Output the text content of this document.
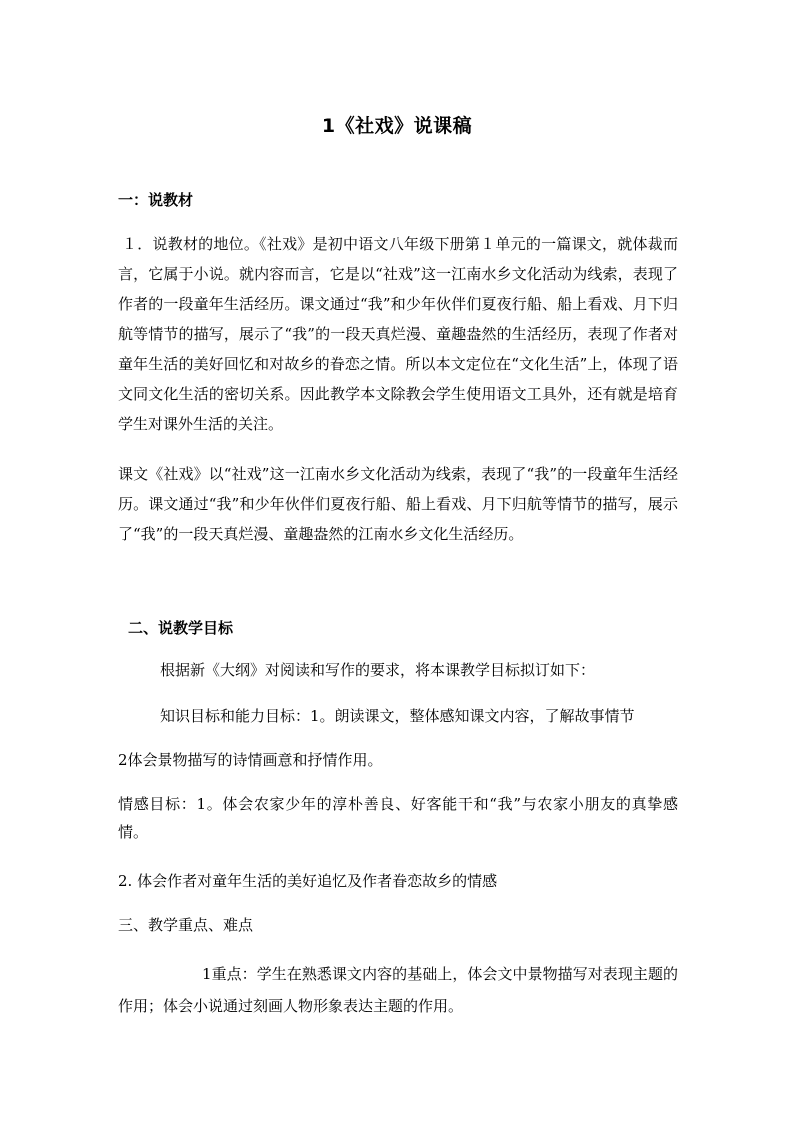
1《社戏》说课稿
一：说教材
１．说教材的地位。《社戏》是初中语文八年级下册第１单元的一篇课文，就体裁而言，它属于小说。就内容而言，它是以“社戏”这一江南水乡文化活动为线索，表现了作者的一段童年生活经历。课文通过“我”和少年伙伴们夏夜行船、船上看戏、月下归航等情节的描写，展示了“我”的一段天真烂漫、童趣盎然的生活经历，表现了作者对童年生活的美好回忆和对故乡的眷恋之情。所以本文定位在“文化生活”上，体现了语文同文化生活的密切关系。因此教学本文除教会学生使用语文工具外，还有就是培育学生对课外生活的关注。
课文《社戏》以“社戏”这一江南水乡文化活动为线索，表现了“我”的一段童年生活经历。课文通过“我”和少年伙伴们夏夜行船、船上看戏、月下归航等情节的描写，展示了“我”的一段天真烂漫、童趣盎然的江南水乡文化生活经历。
二、说教学目标
根据新《大纲》对阅读和写作的要求，将本课教学目标拟订如下：
知识目标和能力目标：1。朗读课文，整体感知课文内容，了解故事情节
2体会景物描写的诗情画意和抒情作用。
情感目标：1。体会农家少年的淳朴善良、好客能干和“我”与农家小朋友的真挚感情。
2. 体会作者对童年生活的美好追忆及作者眷恋故乡的情感
三、教学重点、难点
1重点：学生在熟悉课文内容的基础上，体会文中景物描写对表现主题的作用；体会小说通过刻画人物形象表达主题的作用。
